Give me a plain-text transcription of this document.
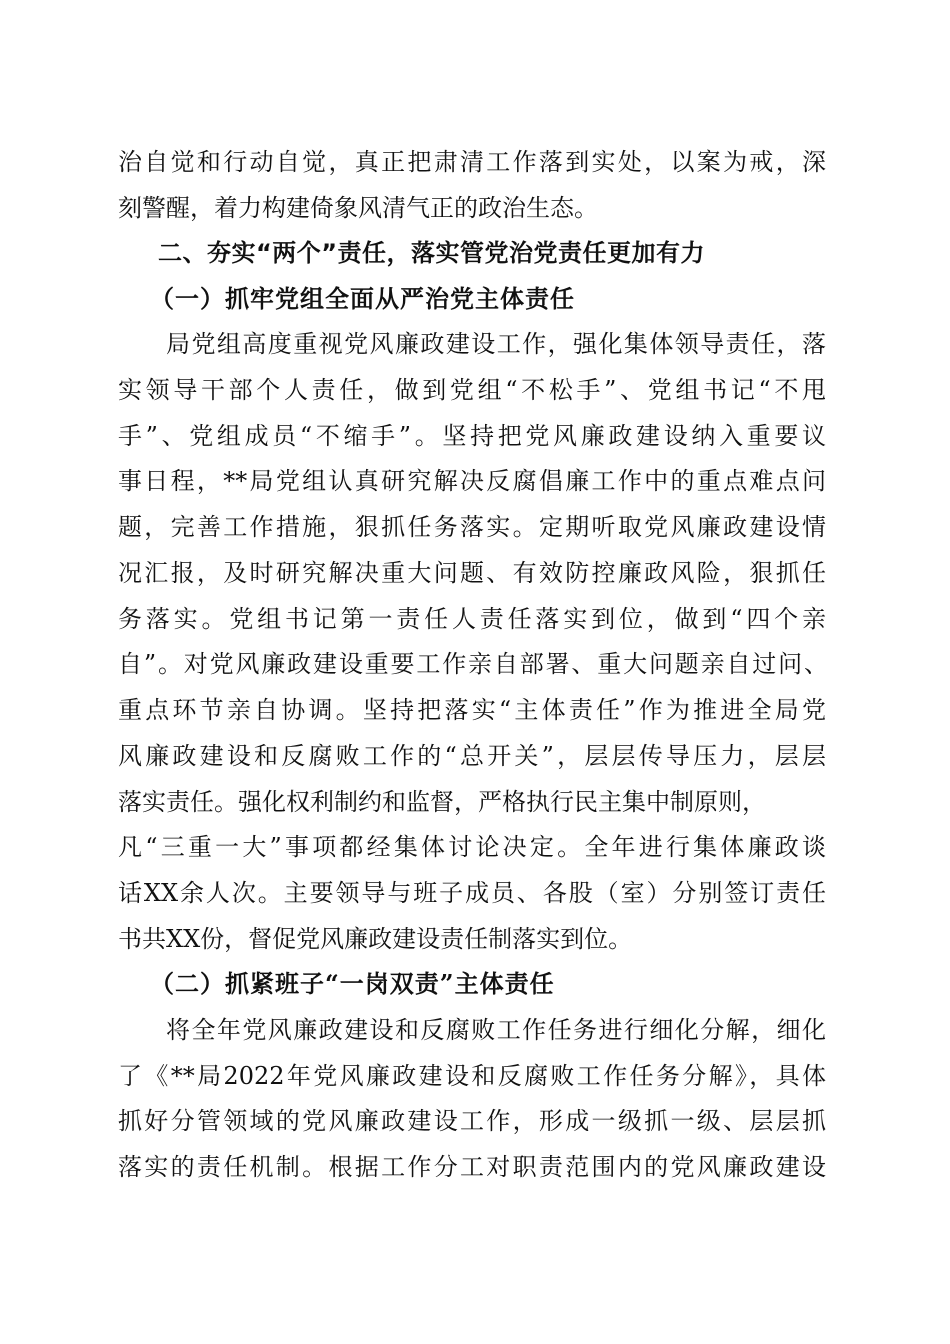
治自觉和行动自觉，真正把肃清工作落到实处，以案为戒，深
刻警醒，着力构建倚象风清气正的政治生态。
二、夯实“两个”责任，落实管党治党责任更加有力
（一）抓牢党组全面从严治党主体责任
局党组高度重视党风廉政建设工作，强化集体领导责任，落
实领导干部个人责任，做到党组“不松手”、党组书记“不甩
手”、党组成员“不缩手”。坚持把党风廉政建设纳入重要议
事日程，**局党组认真研究解决反腐倡廉工作中的重点难点问
题，完善工作措施，狠抓任务落实。定期听取党风廉政建设情
况汇报，及时研究解决重大问题、有效防控廉政风险，狠抓任
务落实。党组书记第一责任人责任落实到位，做到“四个亲
自”。对党风廉政建设重要工作亲自部署、重大问题亲自过问、
重点环节亲自协调。坚持把落实“主体责任”作为推进全局党
风廉政建设和反腐败工作的“总开关”，层层传导压力，层层
落实责任。强化权利制约和监督，严格执行民主集中制原则，
凡“三重一大”事项都经集体讨论决定。全年进行集体廉政谈
话XX余人次。主要领导与班子成员、各股（室）分别签订责任
书共XX份，督促党风廉政建设责任制落实到位。
（二）抓紧班子“一岗双责”主体责任
将全年党风廉政建设和反腐败工作任务进行细化分解，细化
了《**局2022年党风廉政建设和反腐败工作任务分解》，具体
抓好分管领域的党风廉政建设工作，形成一级抓一级、层层抓
落实的责任机制。根据工作分工对职责范围内的党风廉政建设
